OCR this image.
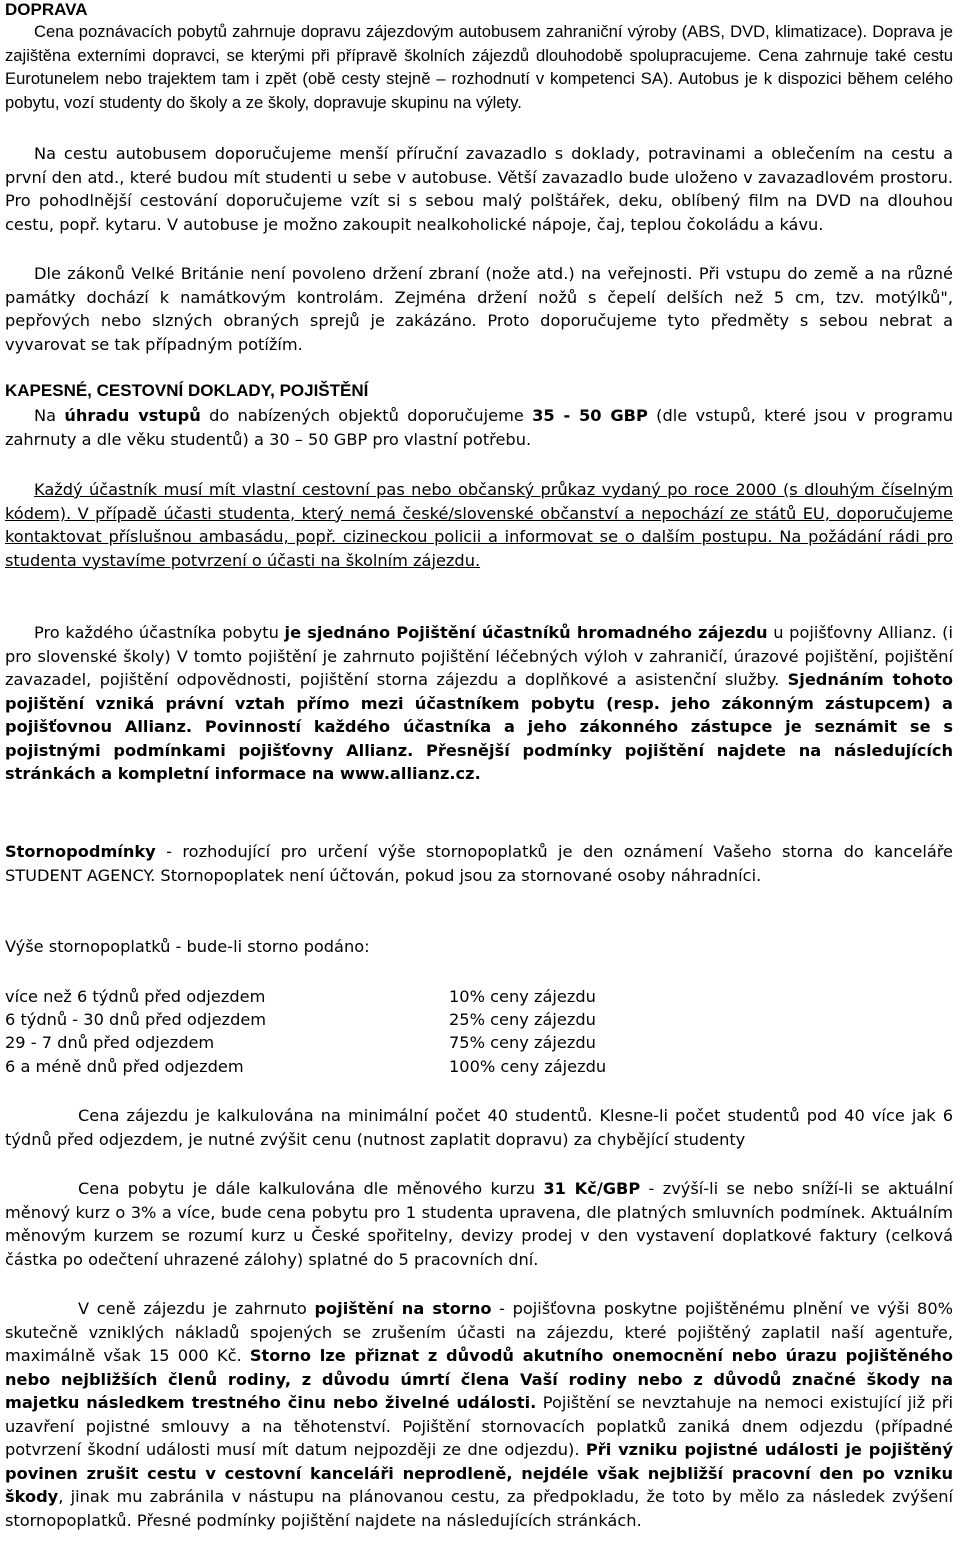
DOPRAVA

Cena poznávacích pobytů zahrnuje dopravu zájezdovým autobusem zahraniční výroby (ABS, DVD, klimatizace). Doprava je zajištěna externími dopravci, se kterými při přípravě školních zájezdů dlouhodobě spolupracujeme. Cena zahrnuje také cestu Eurotunelem nebo trajektem tam i zpět (obě cesty stejně – rozhodnutí v kompetenci SA). Autobus je k dispozici během celého pobytu, vozí studenty do školy a ze školy, dopravuje skupinu na výlety.

Na cestu autobusem doporučujeme menší příruční zavazadlo s doklady, potravinami a oblečením na cestu a první den atd., které budou mít studenti u sebe v autobuse. Větší zavazadlo bude uloženo v zavazadlovém prostoru. Pro pohodlnější cestování doporučujeme vzít si s sebou malý polštářek, deku, oblíbený film na DVD na dlouhou cestu, popř. kytaru. V autobuse je možno zakoupit nealkoholické nápoje, čaj, teplou čokoládu a kávu.

Dle zákonů Velké Británie není povoleno držení zbraní (nože atd.) na veřejnosti. Při vstupu do země a na různé památky dochází k namátkovým kontrolám. Zejména držení nožů s čepelí delších než 5 cm, tzv. motýlků", pepřových nebo slzných obraných sprejů je zakázáno. Proto doporučujeme tyto předměty s sebou nebrat a vyvarovat se tak případným potížím.

KAPESNÉ, CESTOVNÍ DOKLADY, POJIŠTĚNÍ

Na úhradu vstupů do nabízených objektů doporučujeme 35 - 50 GBP (dle vstupů, které jsou v programu zahrnuty a dle věku studentů) a 30 – 50 GBP pro vlastní potřebu.

Každý účastník musí mít vlastní cestovní pas nebo občanský průkaz vydaný po roce 2000 (s dlouhým číselným kódem). V případě účasti studenta, který nemá české/slovenské občanství a nepochází ze států EU, doporučujeme kontaktovat příslušnou ambasádu, popř. cizineckou policii a informovat se o dalším postupu. Na požádání rádi pro studenta vystavíme potvrzení o účasti na školním zájezdu.

Pro každého účastníka pobytu je sjednáno Pojištění účastníků hromadného zájezdu u pojišťovny Allianz. (i pro slovenské školy) V tomto pojištění je zahrnuto pojištění léčebných výloh v zahraničí, úrazové pojištění, pojištění zavazadel, pojištění odpovědnosti, pojištění storna zájezdu a doplňkové a asistenční služby. Sjednáním tohoto pojištění vzniká právní vztah přímo mezi účastníkem pobytu (resp. jeho zákonným zástupcem) a pojišťovnou Allianz. Povinností každého účastníka a jeho zákonného zástupce je seznámit se s pojistnými podmínkami pojišťovny Allianz. Přesnější podmínky pojištění najdete na následujících stránkách a kompletní informace na www.allianz.cz.

Stornopodmínky - rozhodující pro určení výše stornopoplatků je den oznámení Vašeho storna do kanceláře STUDENT AGENCY. Stornopoplatek není účtován, pokud jsou za stornované osoby náhradníci.

Výše stornopoplatků - bude-li storno podáno:

více než 6 týdnů před odjezdem	10% ceny zájezdu
6 týdnů - 30 dnů před odjezdem	25% ceny zájezdu
29 - 7 dnů před odjezdem	75% ceny zájezdu
6 a méně dnů před odjezdem	100% ceny zájezdu

Cena zájezdu je kalkulována na minimální počet 40 studentů. Klesne-li počet studentů pod 40 více jak 6 týdnů před odjezdem, je nutné zvýšit cenu (nutnost zaplatit dopravu) za chybějící studenty

Cena pobytu je dále kalkulována dle měnového kurzu 31 Kč/GBP - zvýší-li se nebo sníží-li se aktuální měnový kurz o 3% a více, bude cena pobytu pro 1 studenta upravena, dle platných smluvních podmínek. Aktuálním měnovým kurzem se rozumí kurz u České spořitelny, devizy prodej v den vystavení doplatkové faktury (celková částka po odečtení uhrazené zálohy) splatné do 5 pracovních dní.

V ceně zájezdu je zahrnuto pojištění na storno - pojišťovna poskytne pojištěnému plnění ve výši 80% skutečně vzniklých nákladů spojených se zrušením účasti na zájezdu, které pojištěný zaplatil naší agentuře, maximálně však 15 000 Kč. Storno lze přiznat z důvodů akutního onemocnění nebo úrazu pojištěného nebo nejbližších členů rodiny, z důvodu úmrtí člena Vaší rodiny nebo z důvodů značné škody na majetku následkem trestného činu nebo živelné události. Pojištění se nevztahuje na nemoci existující již při uzavření pojistné smlouvy a na těhotenství. Pojištění stornovacích poplatků zaniká dnem odjezdu (případné potvrzení škodní události musí mít datum nejpozději ze dne odjezdu). Při vzniku pojistné události je pojištěný povinen zrušit cestu v cestovní kanceláři neprodleně, nejdéle však nejbližší pracovní den po vzniku škody, jinak mu zabránila v nástupu na plánovanou cestu, za předpokladu, že toto by mělo za následek zvýšení stornopoplatků. Přesné podmínky pojištění najdete na následujících stránkách.
